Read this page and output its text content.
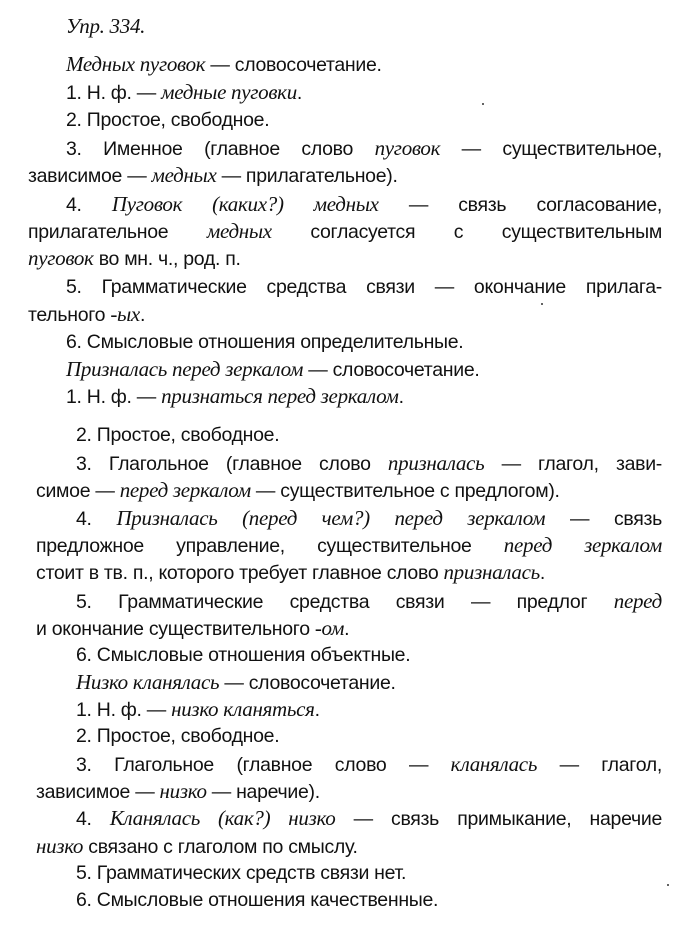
Упр. 334.
Медных пуговок — словосочетание.
1. Н. ф. — медные пуговки.
2. Простое, свободное.
3. Именное (главное слово пуговок — существительное,
зависимое — медных — прилагательное).
4. Пуговок (каких?) медных — связь согласование,
прилагательное медных согласуется с существительным
пуговок во мн. ч., род. п.
5. Грамматические средства связи — окончание прилага-
тельного -ых.
6. Смысловые отношения определительные.
Призналась перед зеркалом — словосочетание.
1. Н. ф. — признаться перед зеркалом.
2. Простое, свободное.
3. Глагольное (главное слово призналась — глагол, зави-
симое — перед зеркалом — существительное с предлогом).
4. Призналась (перед чем?) перед зеркалом — связь
предложное управление, существительное перед зеркалом
стоит в тв. п., которого требует главное слово призналась.
5. Грамматические средства связи — предлог перед
и окончание существительного -ом.
6. Смысловые отношения объектные.
Низко кланялась — словосочетание.
1. Н. ф. — низко кланяться.
2. Простое, свободное.
3. Глагольное (главное слово — кланялась — глагол,
зависимое — низко — наречие).
4. Кланялась (как?) низко — связь примыкание, наречие
низко связано с глаголом по смыслу.
5. Грамматических средств связи нет.
6. Смысловые отношения качественные.
